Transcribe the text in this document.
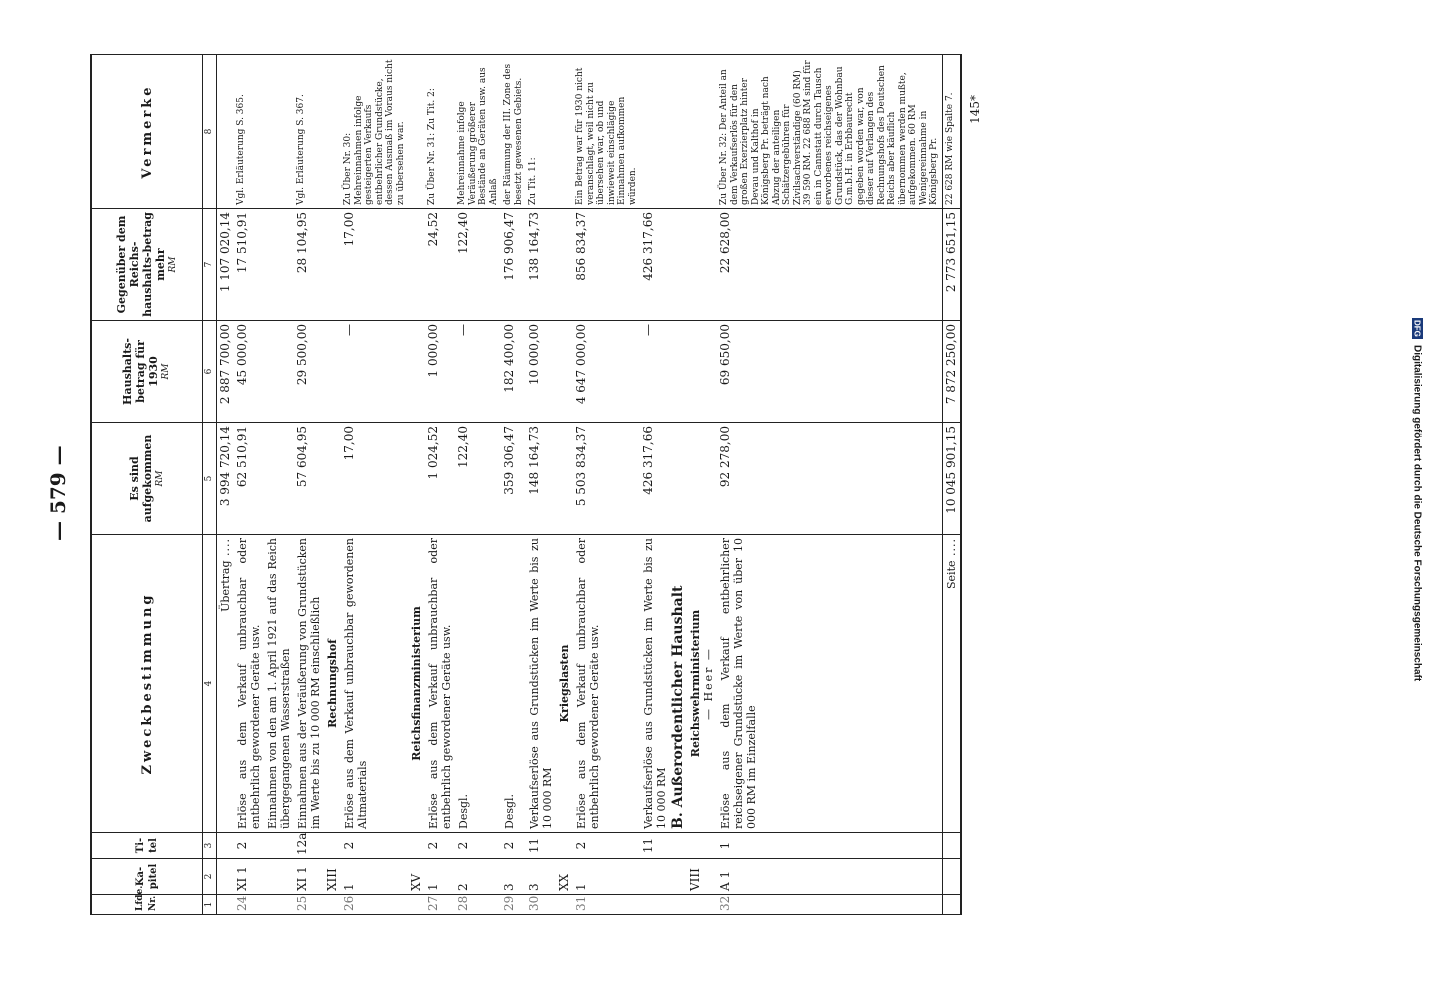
— 579 —
DFG
Digitalisierung gefördert durch die Deutsche Forschungsgemeinschaft
Lfde. Nr.	Ka-pitel	Ti-tel	Zweckbestimmung	Es sind aufgekommen RM	Haushalts-betrag für 1930 RM	Gegenüber dem Reichs-haushalts-betrag mehr RM	Vermerke
1	2	3	4	5	6	7	8
			Übertrag ....	3 994 720,14	2 887 700,00	1 107 020,14	
24	XI 1	2	Erlöse aus dem Verkauf unbrauchbar oder entbehrlich gewordener Geräte usw.	62 510,91	45 000,00	17 510,91	Vgl. Erläuterung S. 365.
			Einnahmen von den am 1. April 1921 auf das Reich übergegangenen Wasserstraßen				
25	XI 1	12a	Einnahmen aus der Veräußerung von Grundstücken im Werte bis zu 10 000 RM einschließlich	57 604,95	29 500,00	28 104,95	Vgl. Erläuterung S. 367.
	XIII		Rechnungshof				

26	1	2	Erlöse aus dem Verkauf unbrauchbar gewordenen Altmaterials	17,00	—	17,00	Zu Über Nr. 30: Mehreinnahmen infolge gesteigerten Verkaufs entbehrlicher Grundstücke, dessen Ausmaß im Voraus nicht zu übersehen war.
	XV		Reichsfinanzministerium				

27	1	2	Erlöse aus dem Verkauf unbrauchbar oder entbehrlich gewordener Geräte usw.	1 024,52	1 000,00	24,52	Zu Über Nr. 31: Zu Tit. 2:
28	2	2	Desgl.	122,40	—	122,40	Mehreinnahme infolge Veräußerung größerer Bestände an Geräten usw. aus Anlaß
29	3	2	Desgl.	359 306,47	182 400,00	176 906,47	der Räumung der III. Zone des besetzt gewesenen Gebiets.
30	3	11	Verkaufserlöse aus Grundstücken im Werte bis zu 10 000 RM	148 164,73	10 000,00	138 164,73	Zu Tit. 11:
	XX		Kriegslasten				

31	1	2	Erlöse aus dem Verkauf unbrauchbar oder entbehrlich gewordener Geräte usw.	5 503 834,37	4 647 000,00	856 834,37	Ein Betrag war für 1930 nicht veranschlagt, weil nicht zu übersehen war, ob und inwieweit einschlägige Einnahmen aufkommen würden.
		11	Verkaufserlöse aus Grundstücken im Werte bis zu 10 000 RM	426 317,66	—	426 317,66	

			B. Außerordentlicher Haushalt				

	VIII		Reichswehrministerium — Heer —				

32	A 1	1	Erlöse aus dem Verkauf entbehrlicher reichseigener Grundstücke im Werte von über 10 000 RM im Einzelfalle	92 278,00	69 650,00	22 628,00	Zu Über Nr. 32: Der Anteil an dem Verkaufserlös für den großen Exerzierplatz hinter Devau und Kalthof in Königsberg Pr. beträgt nach Abzug der anteiligen Schätzergebühren für Zivilsachverständige (60 RM) 39 590 RM. 22 688 RM sind für ein in Cannstatt durch Tausch erworbenes reichseigenes Grundstück, das der Wohnbau G.m.b.H. in Erbbaurecht gegeben worden war, von dieser auf Verlangen des Rechnungshofs des Deutschen Reichs aber käuflich übernommen werden mußte, aufgekommen. 60 RM Wenigereinnahme in Königsberg Pr.
			Seite ....	10 045 901,15	7 872 250,00	2 773 651,15	22 628 RM wie Spalte 7. 145*
